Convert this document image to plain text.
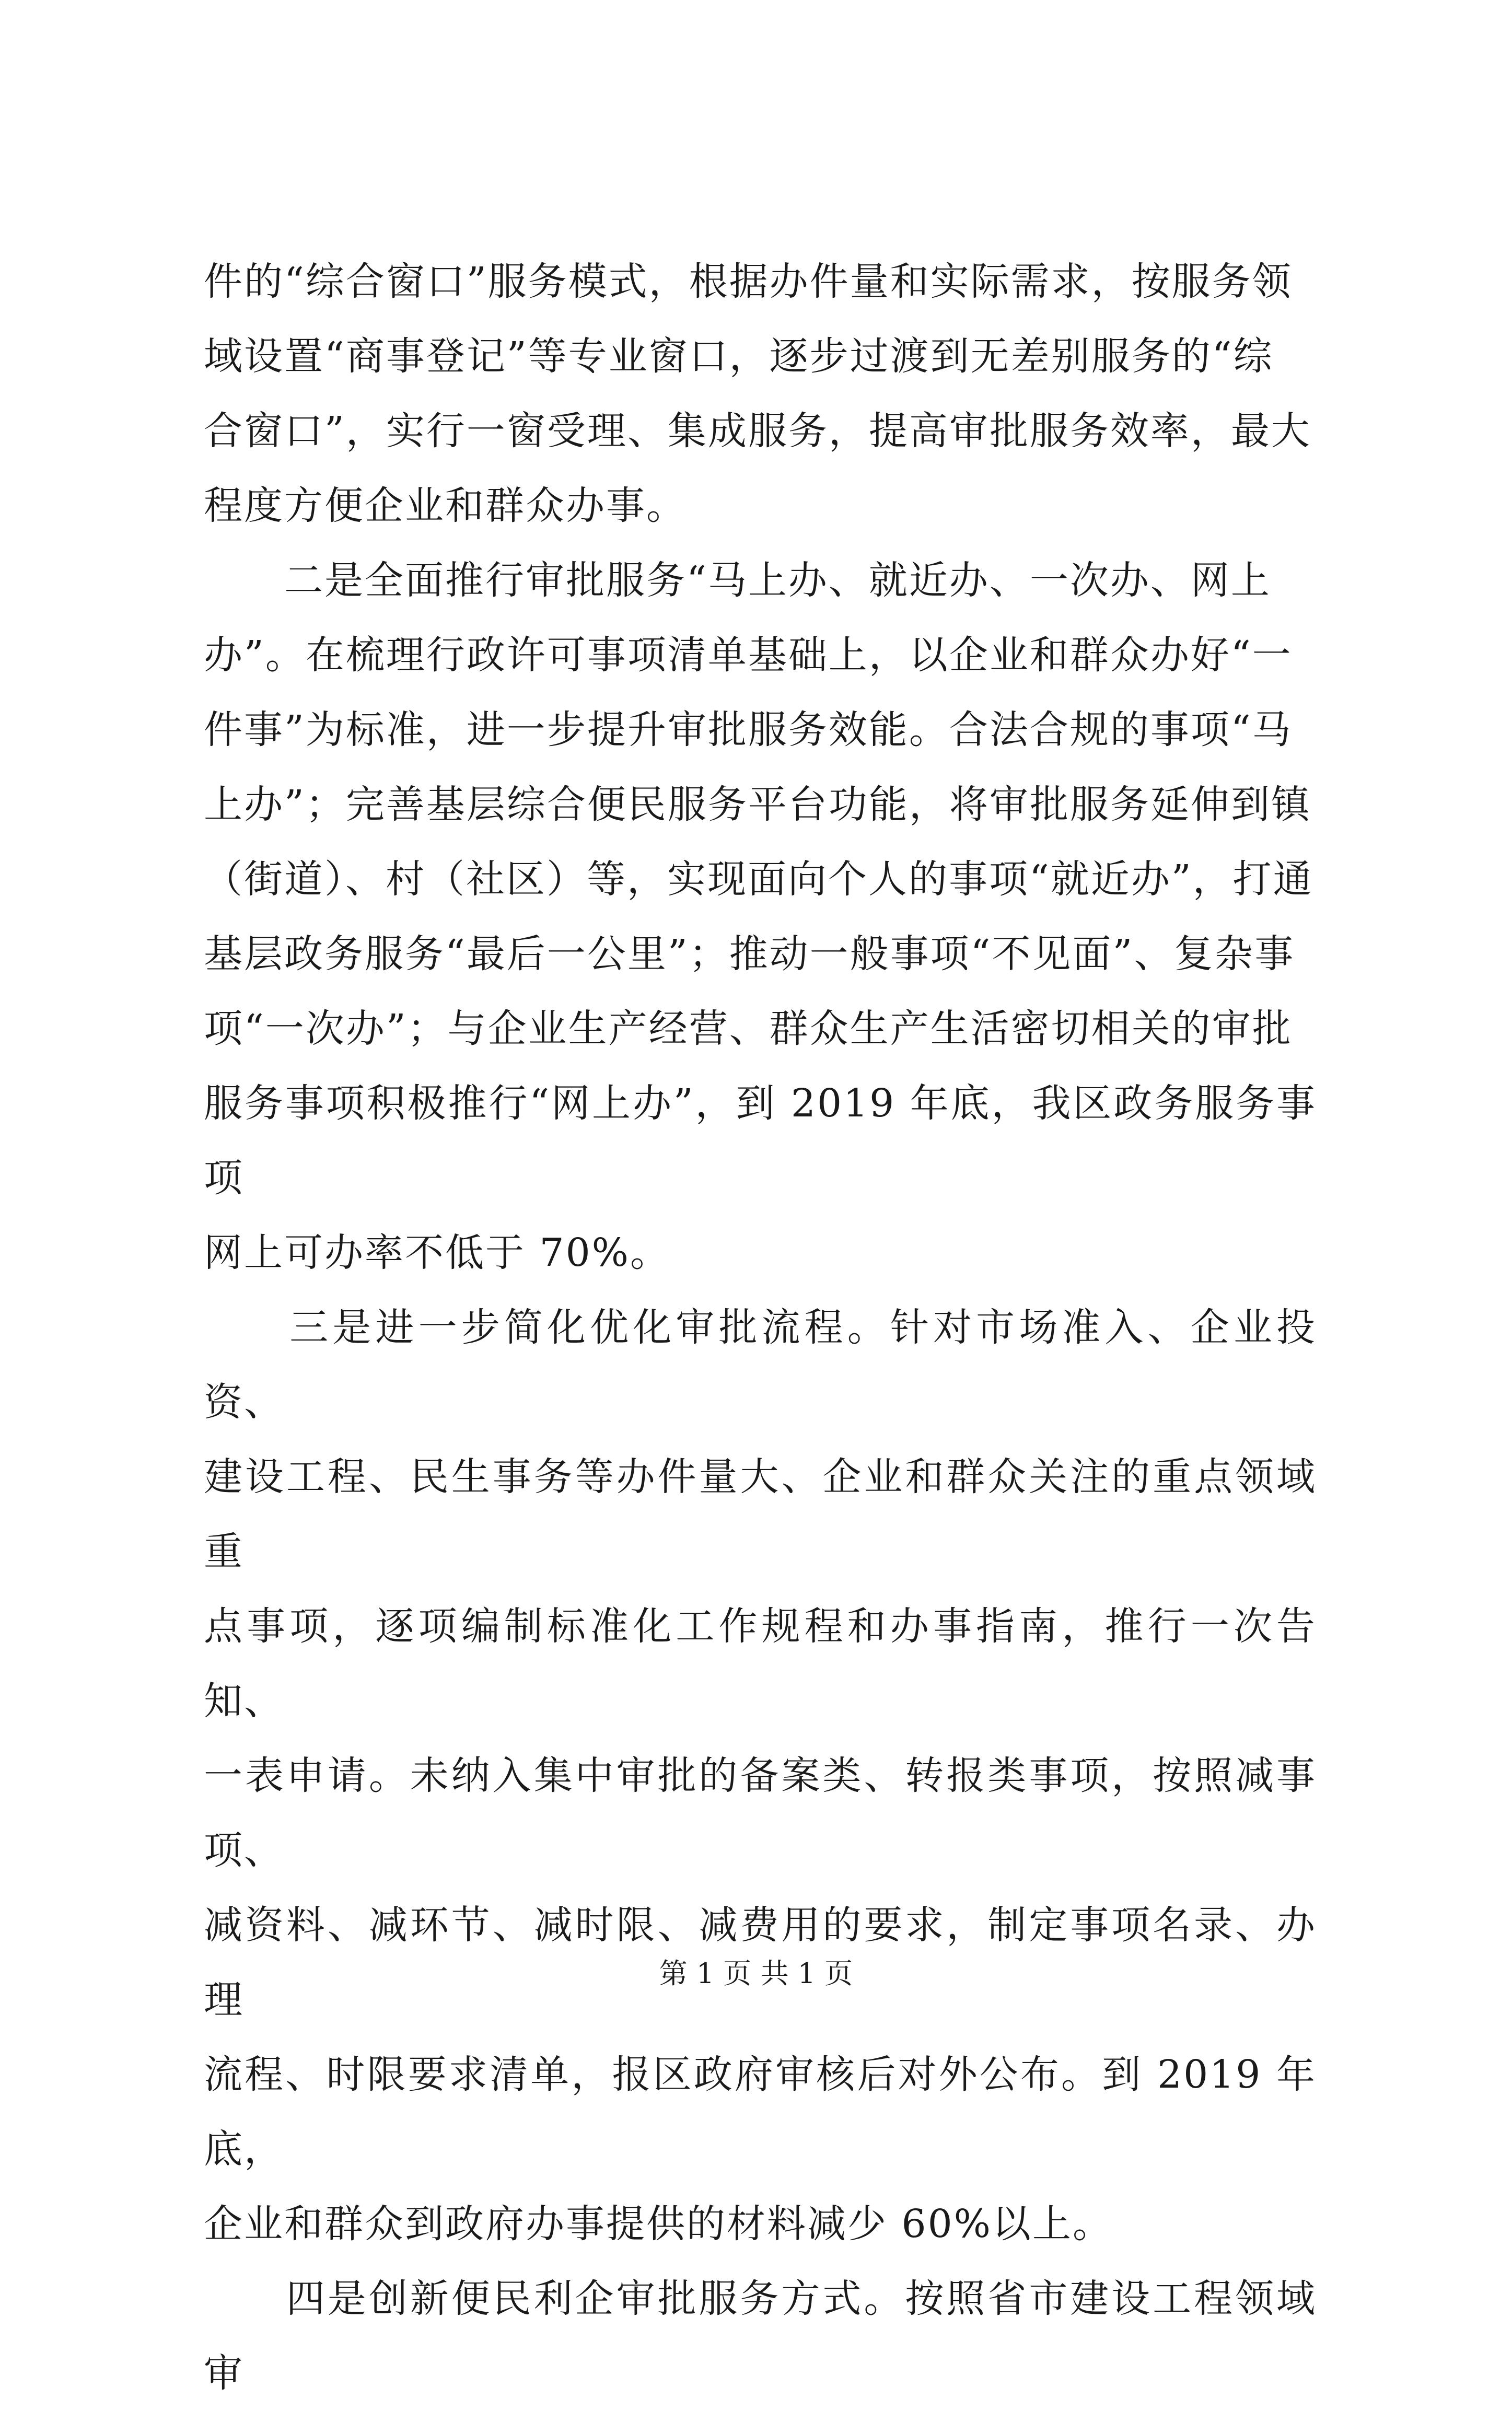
件的“综合窗口”服务模式，根据办件量和实际需求，按服务领

域设置“商事登记”等专业窗口，逐步过渡到无差别服务的“综

合窗口”，实行一窗受理、集成服务，提高审批服务效率，最大

程度方便企业和群众办事。

　　二是全面推行审批服务“马上办、就近办、一次办、网上

办”。在梳理行政许可事项清单基础上，以企业和群众办好“一

件事”为标准，进一步提升审批服务效能。合法合规的事项“马

上办”；完善基层综合便民服务平台功能，将审批服务延伸到镇

（街道）、村（社区）等，实现面向个人的事项“就近办”，打通

基层政务服务“最后一公里”；推动一般事项“不见面”、复杂事

项“一次办”；与企业生产经营、群众生产生活密切相关的审批

服务事项积极推行“网上办”，到 2019 年底，我区政务服务事项

网上可办率不低于 70%。

　　三是进一步简化优化审批流程。针对市场准入、企业投资、

建设工程、民生事务等办件量大、企业和群众关注的重点领域重

点事项，逐项编制标准化工作规程和办事指南，推行一次告知、

一表申请。未纳入集中审批的备案类、转报类事项，按照减事项、

减资料、减环节、减时限、减费用的要求，制定事项名录、办理

流程、时限要求清单，报区政府审核后对外公布。到 2019 年底，

企业和群众到政府办事提供的材料减少 60%以上。

　　四是创新便民利企审批服务方式。按照省市建设工程领域审

第 1 页 共 1 页
